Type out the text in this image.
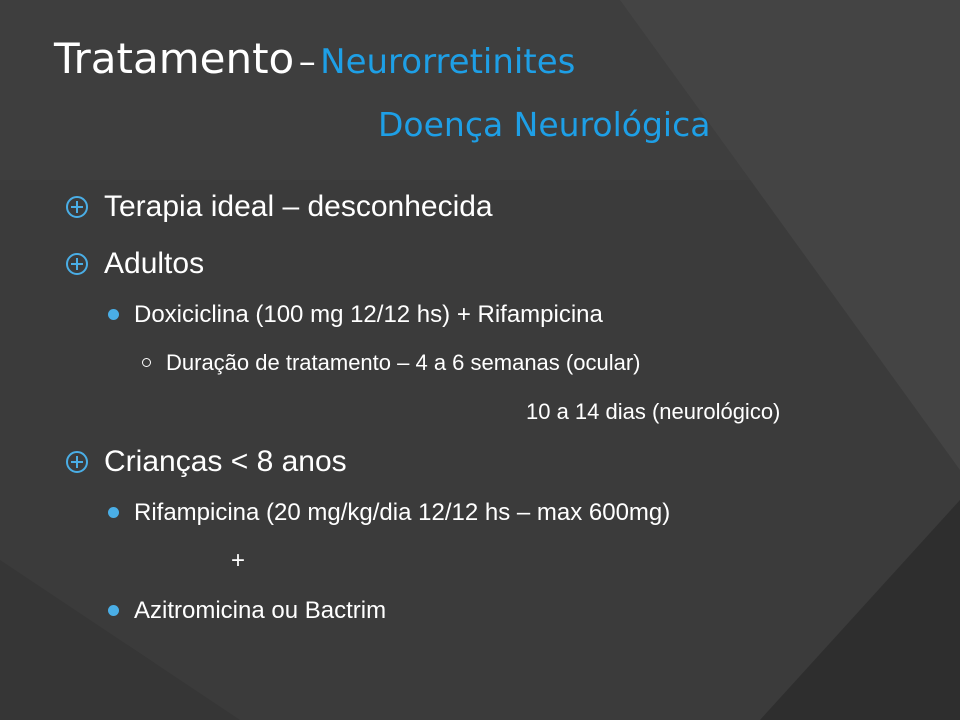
Tratamento – Neurorretinites
Doença Neurológica
Terapia ideal – desconhecida
Adultos
Doxiciclina (100 mg 12/12 hs) + Rifampicina
Duração de tratamento – 4 a 6 semanas (ocular)
10 a 14 dias (neurológico)
Crianças < 8 anos
Rifampicina (20 mg/kg/dia 12/12 hs – max 600mg)
+
Azitromicina ou Bactrim
